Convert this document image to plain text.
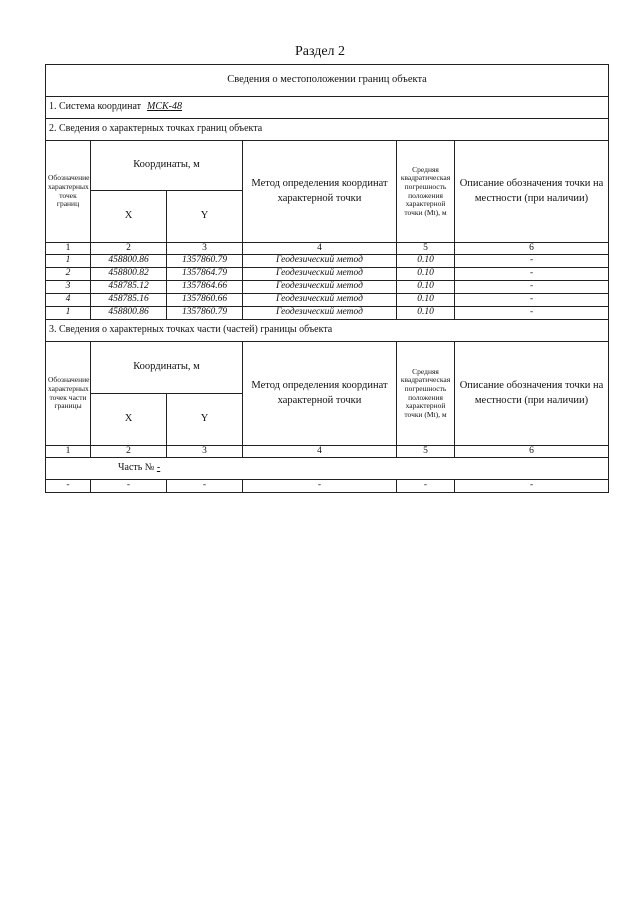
Раздел 2
Сведения о местоположении границ объекта					
1. Система координат МСК-48					
2. Сведения о характерных точках границ объекта					
Обозначение характерных точек границ	Координаты, м		Метод определения координат характерной точки	Средняя квадратическая погрешность положения характерной точки (Mt), м	Описание обозначения точки на местности (при наличии)
	X	Y			
1	2	3	4	5	6
1	458800.86	1357860.79	Геодезический метод	0.10	-
2	458800.82	1357864.79	Геодезический метод	0.10	-
3	458785.12	1357864.66	Геодезический метод	0.10	-
4	458785.16	1357860.66	Геодезический метод	0.10	-
1	458800.86	1357860.79	Геодезический метод	0.10	-
3. Сведения о характерных точках части (частей) границы объекта					
Обозначение характерных точек части границы	Координаты, м		Метод определения координат характерной точки	Средняя квадратическая погрешность положения характерной точки (Mt), м	Описание обозначения точки на местности (при наличии)
	X	Y			
1	2	3	4	5	6
Часть № -					
-	-	-	-	-	-
